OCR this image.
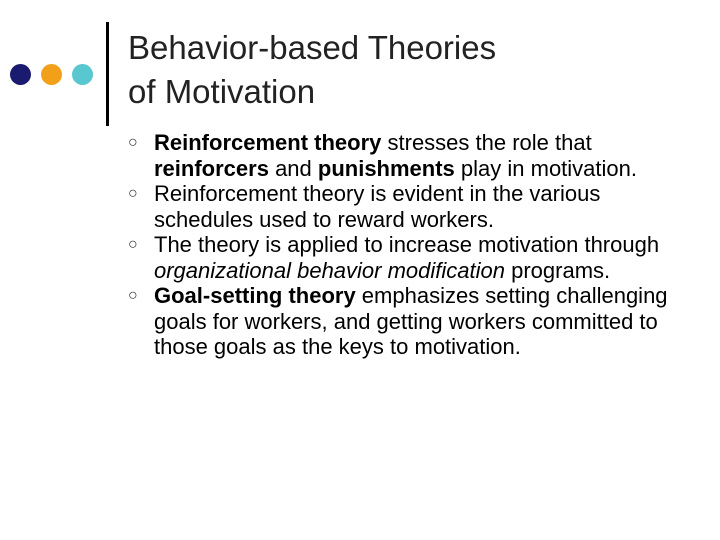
Behavior-based Theories
of Motivation
○ Reinforcement theory stresses the role that reinforcers and punishments play in motivation.
○ Reinforcement theory is evident in the various schedules used to reward workers.
○ The theory is applied to increase motivation through organizational behavior modification programs.
○ Goal‑setting theory emphasizes setting challenging goals for workers, and getting workers committed to those goals as the keys to motivation.
